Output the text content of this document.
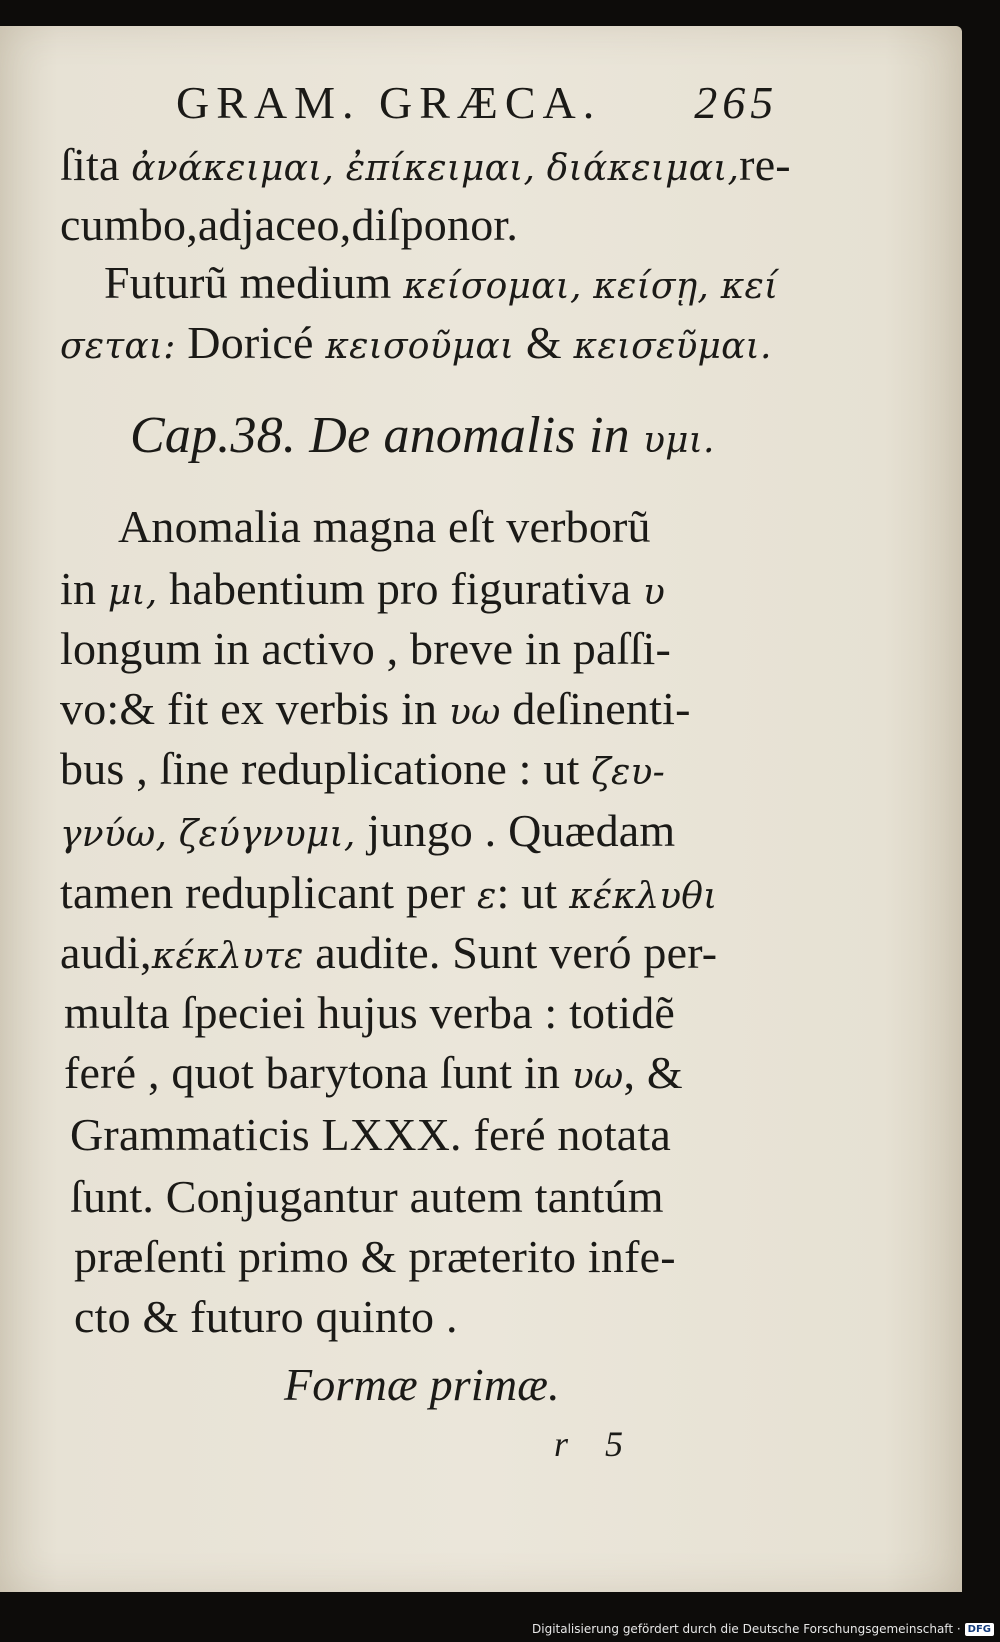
GRAM. GRÆCA. 265
ſita ἀνάκειμαι, ἐπίκειμαι, διάκειμαι,re-
cumbo,adjaceo,diſponor.
Futurũ medium κείσομαι, κείσῃ, κεί
σεται: Doricé κεισοῦμαι & κεισεῦμαι.
Cap.38. De anomalis in υμι.
Anomalia magna eſt verborũ
in μι, habentium pro figurativa υ
longum in activo , breve in paſſi-
vo:& fit ex verbis in υω deſinenti-
bus , ſine reduplicatione : ut ζευ-
γνύω, ζεύγνυμι, jungo . Quædam
tamen reduplicant per ε: ut κέκλυθι
audi,κέκλυτε audite. Sunt veró per-
multa ſpeciei hujus verba : totidẽ
feré , quot barytona ſunt in υω, &
Grammaticis LXXX. feré notata
ſunt. Conjugantur autem tantúm
præſenti primo & præterito infe-
cto & futuro quinto .
Formæ primæ.
r 5
Digitalisierung gefördert durch die Deutsche Forschungsgemeinschaft · DFG
